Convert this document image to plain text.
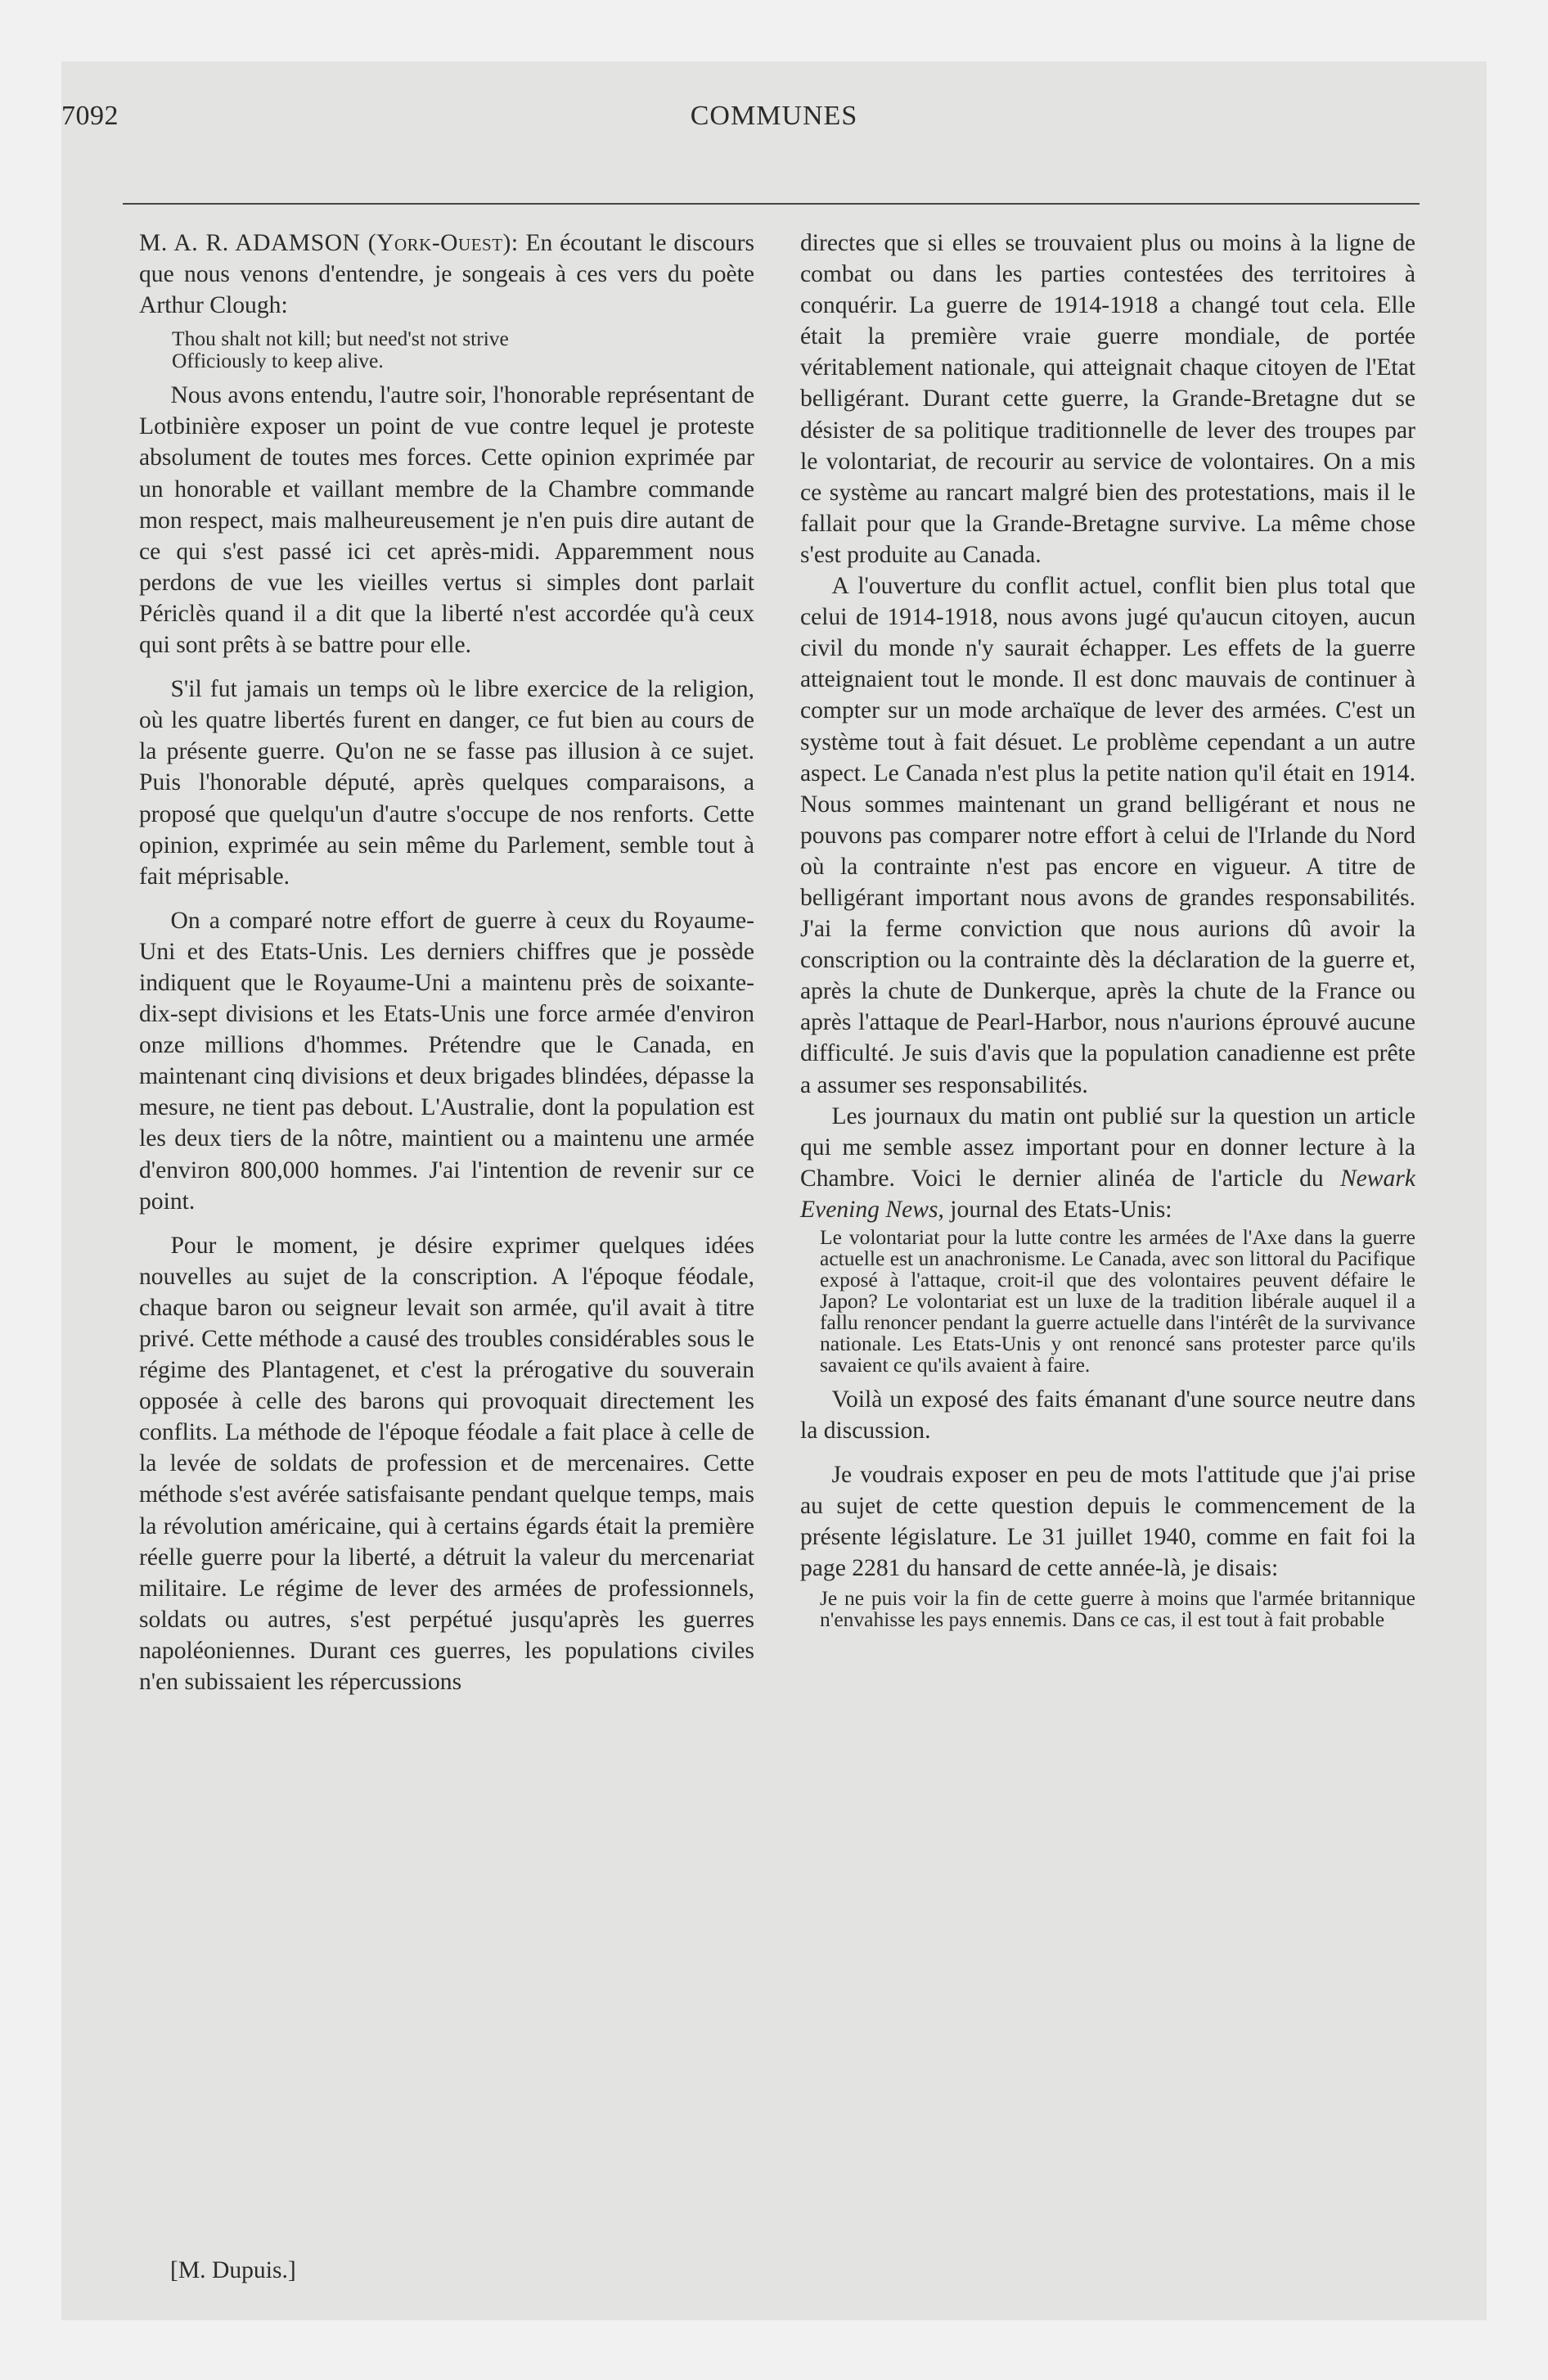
7092	COMMUNES

M. A. R. ADAMSON (York-Ouest): En écoutant le discours que nous venons d'entendre, je songeais à ces vers du poète Arthur Clough:

Thou shalt not kill; but need'st not strive
Officiously to keep alive.

Nous avons entendu, l'autre soir, l'honorable représentant de Lotbinière exposer un point de vue contre lequel je proteste absolument de toutes mes forces. Cette opinion exprimée par un honorable et vaillant membre de la Chambre commande mon respect, mais malheureusement je n'en puis dire autant de ce qui s'est passé ici cet après-midi. Apparemment nous perdons de vue les vieilles vertus si simples dont parlait Périclès quand il a dit que la liberté n'est accordée qu'à ceux qui sont prêts à se battre pour elle.

S'il fut jamais un temps où le libre exercice de la religion, où les quatre libertés furent en danger, ce fut bien au cours de la présente guerre. Qu'on ne se fasse pas illusion à ce sujet. Puis l'honorable député, après quelques comparaisons, a proposé que quelqu'un d'autre s'occupe de nos renforts. Cette opinion, exprimée au sein même du Parlement, semble tout à fait méprisable.

On a comparé notre effort de guerre à ceux du Royaume-Uni et des Etats-Unis. Les derniers chiffres que je possède indiquent que le Royaume-Uni a maintenu près de soixante-dix-sept divisions et les Etats-Unis une force armée d'environ onze millions d'hommes. Prétendre que le Canada, en maintenant cinq divisions et deux brigades blindées, dépasse la mesure, ne tient pas debout. L'Australie, dont la population est les deux tiers de la nôtre, maintient ou a maintenu une armée d'environ 800,000 hommes. J'ai l'intention de revenir sur ce point.

Pour le moment, je désire exprimer quelques idées nouvelles au sujet de la conscription. A l'époque féodale, chaque baron ou seigneur levait son armée, qu'il avait à titre privé. Cette méthode a causé des troubles considérables sous le régime des Plantagenet, et c'est la prérogative du souverain opposée à celle des barons qui provoquait directement les conflits. La méthode de l'époque féodale a fait place à celle de la levée de soldats de profession et de mercenaires. Cette méthode s'est avérée satisfaisante pendant quelque temps, mais la révolution américaine, qui à certains égards était la première réelle guerre pour la liberté, a détruit la valeur du mercenariat militaire. Le régime de lever des armées de professionnels, soldats ou autres, s'est perpétué jusqu'après les guerres napoléoniennes. Durant ces guerres, les populations civiles n'en subissaient les répercussions

directes que si elles se trouvaient plus ou moins à la ligne de combat ou dans les parties contestées des territoires à conquérir. La guerre de 1914-1918 a changé tout cela. Elle était la première vraie guerre mondiale, de portée véritablement nationale, qui atteignait chaque citoyen de l'Etat belligérant. Durant cette guerre, la Grande-Bretagne dut se désister de sa politique traditionnelle de lever des troupes par le volontariat, de recourir au service de volontaires. On a mis ce système au rancart malgré bien des protestations, mais il le fallait pour que la Grande-Bretagne survive. La même chose s'est produite au Canada.

A l'ouverture du conflit actuel, conflit bien plus total que celui de 1914-1918, nous avons jugé qu'aucun citoyen, aucun civil du monde n'y saurait échapper. Les effets de la guerre atteignaient tout le monde. Il est donc mauvais de continuer à compter sur un mode archaïque de lever des armées. C'est un système tout à fait désuet. Le problème cependant a un autre aspect. Le Canada n'est plus la petite nation qu'il était en 1914. Nous sommes maintenant un grand belligérant et nous ne pouvons pas comparer notre effort à celui de l'Irlande du Nord où la contrainte n'est pas encore en vigueur. A titre de belligérant important nous avons de grandes responsabilités. J'ai la ferme conviction que nous aurions dû avoir la conscription ou la contrainte dès la déclaration de la guerre et, après la chute de Dunkerque, après la chute de la France ou après l'attaque de Pearl-Harbor, nous n'aurions éprouvé aucune difficulté. Je suis d'avis que la population canadienne est prête a assumer ses responsabilités.

Les journaux du matin ont publié sur la question un article qui me semble assez important pour en donner lecture à la Chambre. Voici le dernier alinéa de l'article du Newark Evening News, journal des Etats-Unis:

Le volontariat pour la lutte contre les armées de l'Axe dans la guerre actuelle est un anachronisme. Le Canada, avec son littoral du Pacifique exposé à l'attaque, croit-il que des volontaires peuvent défaire le Japon? Le volontariat est un luxe de la tradition libérale auquel il a fallu renoncer pendant la guerre actuelle dans l'intérêt de la survivance nationale. Les Etats-Unis y ont renoncé sans protester parce qu'ils savaient ce qu'ils avaient à faire.

Voilà un exposé des faits émanant d'une source neutre dans la discussion.

Je voudrais exposer en peu de mots l'attitude que j'ai prise au sujet de cette question depuis le commencement de la présente législature. Le 31 juillet 1940, comme en fait foi la page 2281 du hansard de cette année-là, je disais:

Je ne puis voir la fin de cette guerre à moins que l'armée britannique n'envahisse les pays ennemis. Dans ce cas, il est tout à fait probable

[M. Dupuis.]
